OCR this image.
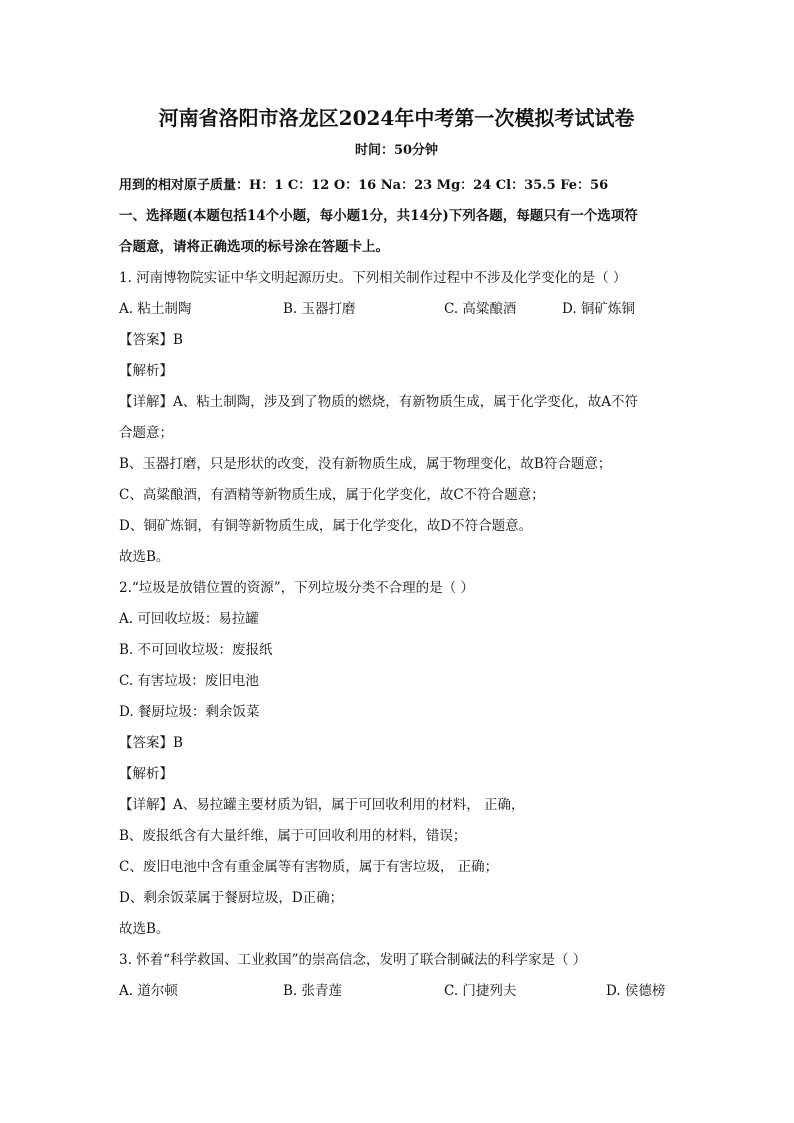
河南省洛阳市洛龙区2024年中考第一次模拟考试试卷
时间：50分钟
用到的相对原子质量：H：1 C：12 O：16 Na：23 Mg：24 Cl：35.5 Fe：56
一、选择题(本题包括14个小题，每小题1分，共14分)下列各题，每题只有一个选项符
合题意，请将正确选项的标号涂在答题卡上。
1. 河南博物院实证中华文明起源历史。下列相关制作过程中不涉及化学变化的是（ ）
A. 粘土制陶	B. 玉器打磨	C. 高粱酿酒	D. 铜矿炼铜
【答案】B
【解析】
【详解】A、粘土制陶，涉及到了物质的燃烧，有新物质生成，属于化学变化，故A不符
合题意；
B、玉器打磨，只是形状的改变，没有新物质生成，属于物理变化，故B符合题意；
C、高粱酿酒，有酒精等新物质生成，属于化学变化，故C不符合题意；
D、铜矿炼铜，有铜等新物质生成，属于化学变化，故D不符合题意。
故选B。
2.“垃圾是放错位置的资源”，下列垃圾分类不合理的是（ ）
A. 可回收垃圾：易拉罐
B. 不可回收垃圾：废报纸
C. 有害垃圾：废旧电池
D. 餐厨垃圾：剩余饭菜
【答案】B
【解析】
【详解】A、易拉罐主要材质为铝，属于可回收利用的材料， 正确，
B、废报纸含有大量纤维，属于可回收利用的材料，错误；
C、废旧电池中含有重金属等有害物质，属于有害垃圾， 正确；
D、剩余饭菜属于餐厨垃圾，D正确；
故选B。
3. 怀着“科学救国、工业救国”的崇高信念，发明了联合制碱法的科学家是（ ）
A. 道尔顿	B. 张青莲	C. 门捷列夫	D. 侯德榜
